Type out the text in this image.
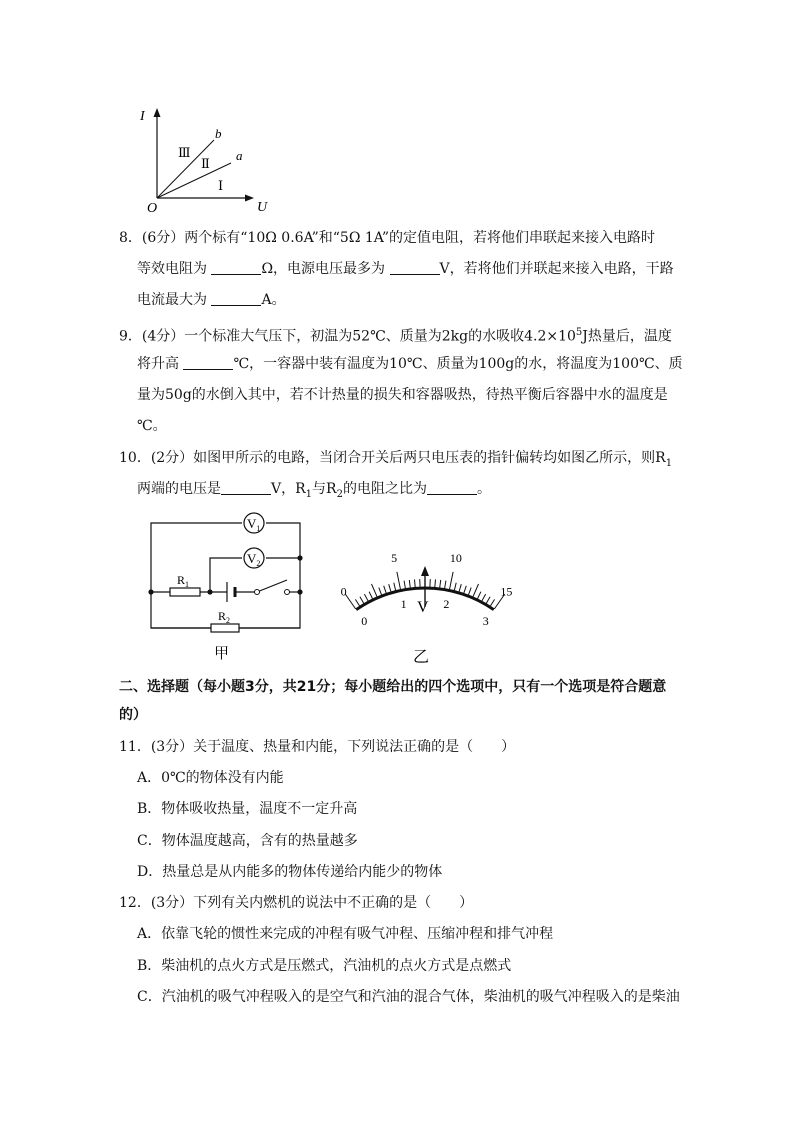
I
U
O
b
a
Ⅲ
Ⅱ
Ⅰ
8．(6分）两个标有“10Ω 0.6A”和“5Ω 1A”的定值电阻，若将他们串联起来接入电路时
等效电阻为	Ω，电源电压最多为	V，若将他们并联起来接入电路，干路
电流最大为	A。
9．(4分）一个标准大气压下，初温为52℃、质量为2kg的水吸收$4.2\times 10^5J$热量后，温度
将升高	℃，一容器中装有温度为10℃、质量为100g的水，将温度为100℃、质
量为50g的水倒入其中，若不计热量的损失和容器吸热，待热平衡后容器中水的温度是
℃。
10．(2分）如图甲所示的电路，当闭合开关后两只电压表的指针偏转均如图乙所示，则$R_1$
两端的电压是	V，$R_1$与$R_2$的电阻之比为	。
$V_1$
$V_2$
$R_1$
$R_2$
甲
0
5	10
15
0
1	2
3
V
乙
二、选择题（每小题3分，共21分；每小题给出的四个选项中，只有一个选项是符合题意
的）
11．(3分）关于温度、热量和内能，下列说法正确的是（　　）
A．0℃的物体没有内能
B．物体吸收热量，温度不一定升高
C．物体温度越高，含有的热量越多
D．热量总是从内能多的物体传递给内能少的物体
12．(3分）下列有关内燃机的说法中不正确的是（　　）
A．依靠飞轮的惯性来完成的冲程有吸气冲程、压缩冲程和排气冲程
B．柴油机的点火方式是压燃式，汽油机的点火方式是点燃式
C．汽油机的吸气冲程吸入的是空气和汽油的混合气体，柴油机的吸气冲程吸入的是柴油
